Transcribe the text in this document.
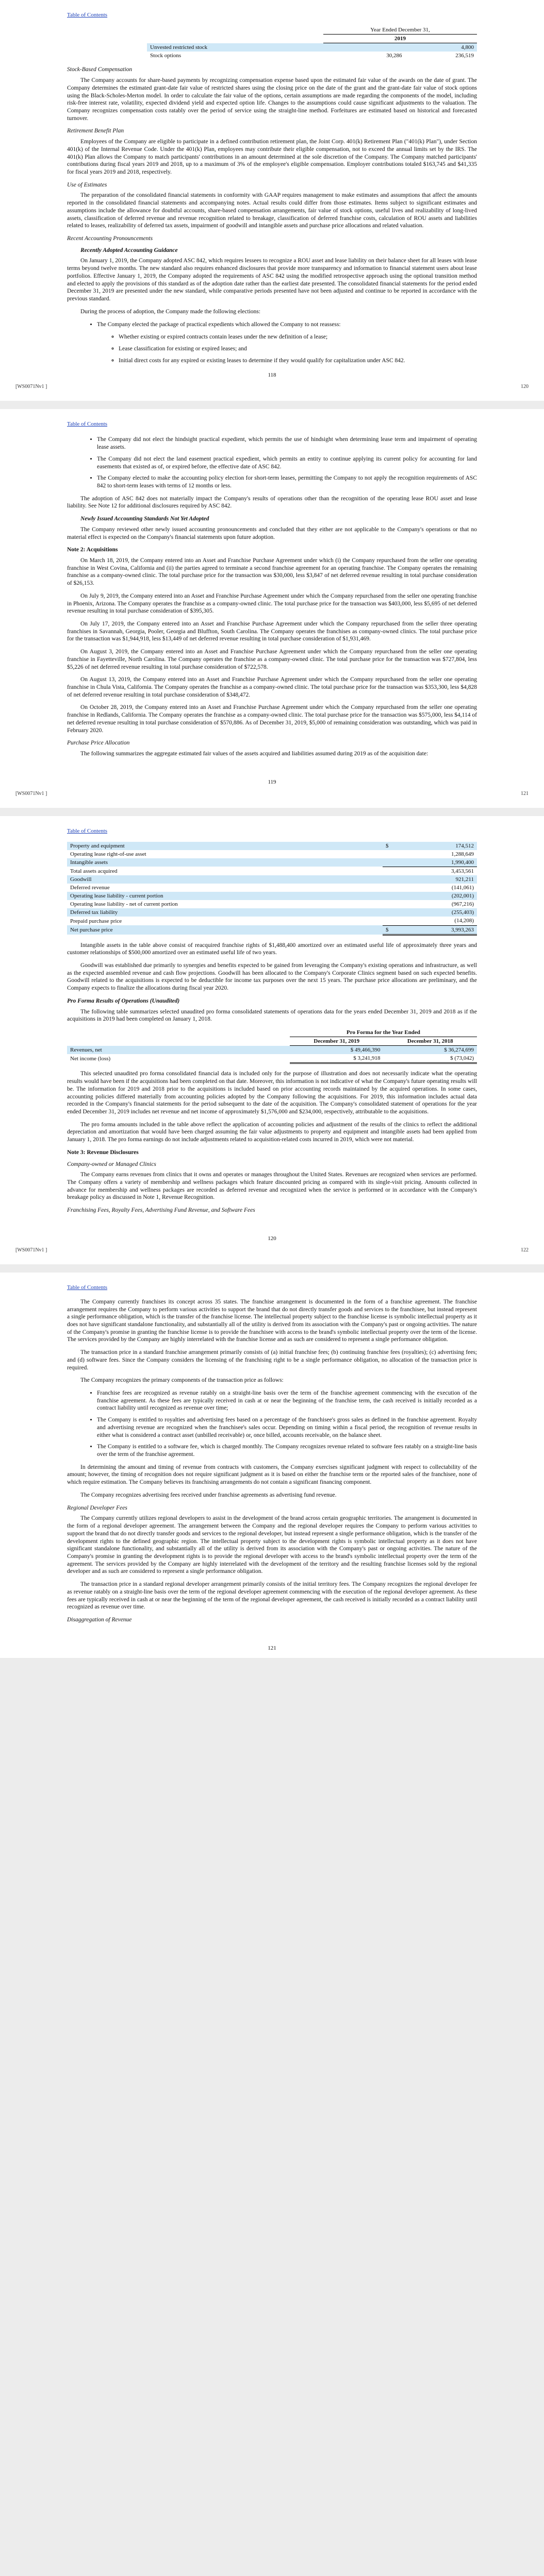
Table of Contents
	Year Ended December 31,		
	2019		
Unvested restricted stock			4,800
Stock options		30,286	236,519
Stock-Based Compensation

The Company accounts for share-based payments by recognizing compensation expense based upon the estimated fair value of the awards on the date of grant. The Company determines the estimated grant-date fair value of restricted shares using the closing price on the date of the grant and the grant-date fair value of stock options using the Black-Scholes-Merton model. In order to calculate the fair value of the options, certain assumptions are made regarding the components of the model, including risk-free interest rate, volatility, expected dividend yield and expected option life. Changes to the assumptions could cause significant adjustments to the valuation. The Company recognizes compensation costs ratably over the period of service using the straight-line method. Forfeitures are estimated based on historical and forecasted turnover.

Retirement Benefit Plan

Employees of the Company are eligible to participate in a defined contribution retirement plan, the Joint Corp. 401(k) Retirement Plan ("401(k) Plan"), under Section 401(k) of the Internal Revenue Code. Under the 401(k) Plan, employees may contribute their eligible compensation, not to exceed the annual limits set by the IRS. The 401(k) Plan allows the Company to match participants' contributions in an amount determined at the sole discretion of the Company. The Company matched participants' contributions during fiscal years 2019 and 2018, up to a maximum of 3% of the employee's eligible compensation. Employer contributions totaled $163,745 and $41,335 for fiscal years 2019 and 2018, respectively.

Use of Estimates

The preparation of the consolidated financial statements in conformity with GAAP requires management to make estimates and assumptions that affect the amounts reported in the consolidated financial statements and accompanying notes. Actual results could differ from those estimates. Items subject to significant estimates and assumptions include the allowance for doubtful accounts, share-based compensation arrangements, fair value of stock options, useful lives and realizability of long-lived assets, classification of deferred revenue and revenue recognition related to breakage, classification of deferred franchise costs, calculation of ROU assets and liabilities related to leases, realizability of deferred tax assets, impairment of goodwill and intangible assets and purchase price allocations and related valuation.

Recent Accounting Pronouncements
Recently Adopted Accounting Guidance

On January 1, 2019, the Company adopted ASC 842, which requires lessees to recognize a ROU asset and lease liability on their balance sheet for all leases with lease terms beyond twelve months. The new standard also requires enhanced disclosures that provide more transparency and information to financial statement users about lease portfolios. Effective January 1, 2019, the Company adopted the requirements of ASC 842 using the modified retrospective approach using the optional transition method and elected to apply the provisions of this standard as of the adoption date rather than the earliest date presented. The consolidated financial statements for the period ended December 31, 2019 are presented under the new standard, while comparative periods presented have not been adjusted and continue to be reported in accordance with the previous standard.

During the process of adoption, the Company made the following elections:

• The Company elected the package of practical expedients which allowed the Company to not reassess:
◦ Whether existing or expired contracts contain leases under the new definition of a lease;
◦ Lease classification for existing or expired leases; and
◦ Initial direct costs for any expired or existing leases to determine if they would qualify for capitalization under ASC 842.
118
[WS0071Nv1 ]	120
Table of Contents
• The Company did not elect the hindsight practical expedient, which permits the use of hindsight when determining lease term and impairment of operating lease assets.
• The Company did not elect the land easement practical expedient, which permits an entity to continue applying its current policy for accounting for land easements that existed as of, or expired before, the effective date of ASC 842.
• The Company elected to make the accounting policy election for short-term leases, permitting the Company to not apply the recognition requirements of ASC 842 to short-term leases with terms of 12 months or less.

The adoption of ASC 842 does not materially impact the Company's results of operations other than the recognition of the operating lease ROU asset and lease liability. See Note 12 for additional disclosures required by ASC 842.

Newly Issued Accounting Standards Not Yet Adopted

The Company reviewed other newly issued accounting pronouncements and concluded that they either are not applicable to the Company's operations or that no material effect is expected on the Company's financial statements upon future adoption.

Note 2: Acquisitions

On March 18, 2019, the Company entered into an Asset and Franchise Purchase Agreement under which (i) the Company repurchased from the seller one operating franchise in West Covina, California and (ii) the parties agreed to terminate a second franchise agreement for an operating franchise. The Company operates the remaining franchise as a company-owned clinic. The total purchase price for the transaction was $30,000, less $3,847 of net deferred revenue resulting in total purchase consideration of $26,153.

On July 9, 2019, the Company entered into an Asset and Franchise Purchase Agreement under which the Company repurchased from the seller one operating franchise in Phoenix, Arizona. The Company operates the franchise as a company-owned clinic. The total purchase price for the transaction was $403,000, less $5,695 of net deferred revenue resulting in total purchase consideration of $395,305.

On July 17, 2019, the Company entered into an Asset and Franchise Purchase Agreement under which the Company repurchased from the seller three operating franchises in Savannah, Georgia, Pooler, Georgia and Bluffton, South Carolina. The Company operates the franchises as company-owned clinics. The total purchase price for the transaction was $1,944,918, less $13,449 of net deferred revenue resulting in total purchase consideration of $1,931,469.

On August 3, 2019, the Company entered into an Asset and Franchise Purchase Agreement under which the Company repurchased from the seller one operating franchise in Fayetteville, North Carolina. The Company operates the franchise as a company-owned clinic. The total purchase price for the transaction was $727,804, less $5,226 of net deferred revenue resulting in total purchase consideration of $722,578.

On August 13, 2019, the Company entered into an Asset and Franchise Purchase Agreement under which the Company repurchased from the seller one operating franchise in Chula Vista, California. The Company operates the franchise as a company-owned clinic. The total purchase price for the transaction was $353,300, less $4,828 of net deferred revenue resulting in total purchase consideration of $348,472.

On October 28, 2019, the Company entered into an Asset and Franchise Purchase Agreement under which the Company repurchased from the seller one operating franchise in Redlands, California. The Company operates the franchise as a company-owned clinic. The total purchase price for the transaction was $575,000, less $4,114 of net deferred revenue resulting in total purchase consideration of $570,886. As of December 31, 2019, $5,000 of remaining consideration was outstanding, which was paid in February 2020.

Purchase Price Allocation

The following summarizes the aggregate estimated fair values of the assets acquired and liabilities assumed during 2019 as of the acquisition date:

119
[WS0071Nv1 ]	121
Table of Contents
Property and equipment	$	174,512
Operating lease right-of-use asset		1,288,649
Intangible assets		1,990,400
Total assets acquired		3,453,561
Goodwill		921,211
Deferred revenue		(141,061)
Operating lease liability - current portion		(202,001)
Operating lease liability - net of current portion		(967,216)
Deferred tax liability		(255,403)
Prepaid purchase price		(14,208)
Net purchase price	$	3,993,263

Intangible assets in the table above consist of reacquired franchise rights of $1,488,400 amortized over an estimated useful life of approximately three years and customer relationships of $500,000 amortized over an estimated useful life of two years.

Goodwill was established due primarily to synergies and benefits expected to be gained from leveraging the Company's existing operations and infrastructure, as well as the expected assembled revenue and cash flow projections. Goodwill has been allocated to the Company's Corporate Clinics segment based on such expected benefits. Goodwill related to the acquisitions is expected to be deductible for income tax purposes over the next 15 years. The purchase price allocations are preliminary, and the Company expects to finalize the allocations during fiscal year 2020.

Pro Forma Results of Operations (Unaudited)

The following table summarizes selected unaudited pro forma consolidated statements of operations data for the years ended December 31, 2019 and 2018 as if the acquisitions in 2019 had been completed on January 1, 2018.

	Pro Forma for the Year Ended	
	December 31, 2019	December 31, 2018
Revenues, net	$ 49,466,390	$ 36,274,699
Net income (loss)	$ 3,241,918	$ (73,042)

This selected unaudited pro forma consolidated financial data is included only for the purpose of illustration and does not necessarily indicate what the operating results would have been if the acquisitions had been completed on that date. Moreover, this information is not indicative of what the Company's future operating results will be. The information for 2019 and 2018 prior to the acquisitions is included based on prior accounting records maintained by the acquired operations. In some cases, accounting policies differed materially from accounting policies adopted by the Company following the acquisitions. For 2019, this information includes actual data recorded in the Company's financial statements for the period subsequent to the date of the acquisition. The Company's consolidated statement of operations for the year ended December 31, 2019 includes net revenue and net income of approximately $1,576,000 and $234,000, respectively, attributable to the acquisitions.

The pro forma amounts included in the table above reflect the application of accounting policies and adjustment of the results of the clinics to reflect the additional depreciation and amortization that would have been charged assuming the fair value adjustments to property and equipment and intangible assets had been applied from January 1, 2018. The pro forma earnings do not include adjustments related to acquisition-related costs incurred in 2019, which were not material.

Note 3: Revenue Disclosures
Company-owned or Managed Clinics

The Company earns revenues from clinics that it owns and operates or manages throughout the United States. Revenues are recognized when services are performed. The Company offers a variety of membership and wellness packages which feature discounted pricing as compared with its single-visit pricing. Amounts collected in advance for membership and wellness packages are recorded as deferred revenue and recognized when the service is performed or in accordance with the Company's breakage policy as discussed in Note 1, Revenue Recognition.

Franchising Fees, Royalty Fees, Advertising Fund Revenue, and Software Fees
120
[WS0071Nv1 ]	122
Table of Contents

The Company currently franchises its concept across 35 states. The franchise arrangement is documented in the form of a franchise agreement. The franchise arrangement requires the Company to perform various activities to support the brand that do not directly transfer goods and services to the franchisee, but instead represent a single performance obligation, which is the transfer of the franchise license. The intellectual property subject to the franchise license is symbolic intellectual property as it does not have significant standalone functionality, and substantially all of the utility is derived from its association with the Company's past or ongoing activities. The nature of the Company's promise in granting the franchise license is to provide the franchisee with access to the brand's symbolic intellectual property over the term of the license. The services provided by the Company are highly interrelated with the franchise license and as such are considered to represent a single performance obligation.

The transaction price in a standard franchise arrangement primarily consists of (a) initial franchise fees; (b) continuing franchise fees (royalties); (c) advertising fees; and (d) software fees. Since the Company considers the licensing of the franchising right to be a single performance obligation, no allocation of the transaction price is required.

The Company recognizes the primary components of the transaction price as follows:

• Franchise fees are recognized as revenue ratably on a straight-line basis over the term of the franchise agreement commencing with the execution of the franchise agreement. As these fees are typically received in cash at or near the beginning of the franchise term, the cash received is initially recorded as a contract liability until recognized as revenue over time;
• The Company is entitled to royalties and advertising fees based on a percentage of the franchisee's gross sales as defined in the franchise agreement. Royalty and advertising revenue are recognized when the franchisee's sales occur. Depending on timing within a fiscal period, the recognition of revenue results in either what is considered a contract asset (unbilled receivable) or, once billed, accounts receivable, on the balance sheet.
• The Company is entitled to a software fee, which is charged monthly. The Company recognizes revenue related to software fees ratably on a straight-line basis over the term of the franchise agreement.

In determining the amount and timing of revenue from contracts with customers, the Company exercises significant judgment with respect to collectability of the amount; however, the timing of recognition does not require significant judgment as it is based on either the franchise term or the reported sales of the franchisee, none of which require estimation. The Company believes its franchising arrangements do not contain a significant financing component.

The Company recognizes advertising fees received under franchise agreements as advertising fund revenue.

Regional Developer Fees

The Company currently utilizes regional developers to assist in the development of the brand across certain geographic territories. The arrangement is documented in the form of a regional developer agreement. The arrangement between the Company and the regional developer requires the Company to perform various activities to support the brand that do not directly transfer goods and services to the regional developer, but instead represent a single performance obligation, which is the transfer of the development rights to the defined geographic region. The intellectual property subject to the development rights is symbolic intellectual property as it does not have significant standalone functionality, and substantially all of the utility is derived from its association with the Company's past or ongoing activities. The nature of the Company's promise in granting the development rights is to provide the regional developer with access to the brand's symbolic intellectual property over the term of the agreement. The services provided by the Company are highly interrelated with the development of the territory and the resulting franchise licenses sold by the regional developer and as such are considered to represent a single performance obligation.

The transaction price in a standard regional developer arrangement primarily consists of the initial territory fees. The Company recognizes the regional developer fee as revenue ratably on a straight-line basis over the term of the regional developer agreement commencing with the execution of the regional developer agreement. As these fees are typically received in cash at or near the beginning of the term of the regional developer agreement, the cash received is initially recorded as a contract liability until recognized as revenue over time.

Disaggregation of Revenue
121
